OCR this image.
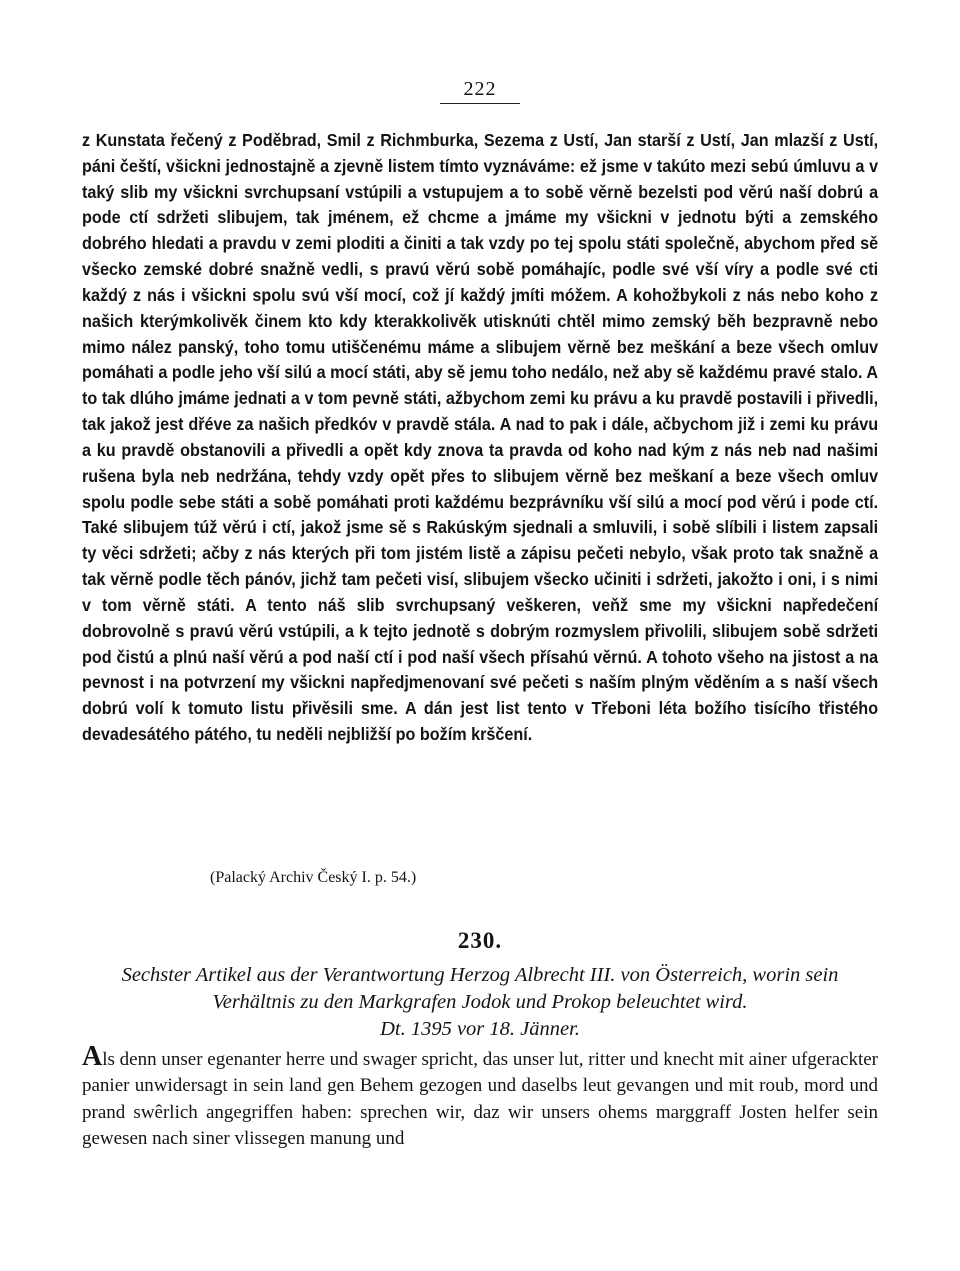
222
z Kunstata řečený z Poděbrad, Smil z Richmburka, Sezema z Ustí, Jan starší z Ustí, Jan mlazší z Ustí, páni čeští, všickni jednostajně a zjevně listem tímto vyznáváme: ež jsme v takúto mezi sebú úmluvu a v taký slib my všickni svrchupsaní vstúpili a vstupujem a to sobě věrně bezelsti pod věrú naší dobrú a pode ctí sdržeti slibujem, tak jménem, ež chcme a jmáme my všickni v jednotu býti a zemského dobrého hledati a pravdu v zemi ploditi a činiti a tak vzdy po tej spolu státi společně, abychom před sě všecko zemské dobré snažně vedli, s pravú věrú sobě pomáhajíc, podle své vší víry a podle své cti každý z nás i všickni spolu svú vší mocí, což jí každý jmíti móžem. A kohožbykoli z nás nebo koho z našich kterýmkolivěk činem kto kdy kterakkolivěk utisknúti chtěl mimo zemský běh bezpravně nebo mimo nález panský, toho tomu utiščenému máme a slibujem věrně bez meškání a beze všech omluv pomáhati a podle jeho vší silú a mocí státi, aby sě jemu toho nedálo, než aby sě každému pravé stalo. A to tak dlúho jmáme jednati a v tom pevně státi, ažbychom zemi ku právu a ku pravdě postavili i přivedli, tak jakož jest dřéve za našich předkóv v pravdě stála. A nad to pak i dále, ačbychom již i zemi ku právu a ku pravdě obstanovili a přivedli a opět kdy znova ta pravda od koho nad kým z nás neb nad našimi rušena byla neb nedržána, tehdy vzdy opět přes to slibujem věrně bez meškaní a beze všech omluv spolu podle sebe státi a sobě pomáhati proti každému bezprávníku vší silú a mocí pod věrú i pode ctí. Také slibujem túž věrú i ctí, jakož jsme sě s Rakúským sjednali a smluvili, i sobě slíbili i listem zapsali ty věci sdržeti; ačby z nás kterých při tom jistém listě a zápisu pečeti nebylo, však proto tak snažně a tak věrně podle těch pánóv, jichž tam pečeti visí, slibujem všecko učiniti i sdržeti, jakožto i oni, i s nimi v tom věrně státi. A tento náš slib svrchupsaný veškeren, veňž sme my všickni napředečení dobrovolně s pravú věrú vstúpili, a k tejto jednotě s dobrým rozmyslem přivolili, slibujem sobě sdržeti pod čistú a plnú naší věrú a pod naší ctí i pod naší všech přísahú věrnú. A tohoto všeho na jistost a na pevnost i na potvrzení my všickni napředjmenovaní své pečeti s naším plným věděním a s naší všech dobrú volí k tomuto listu přivěsili sme. A dán jest list tento v Třeboni léta božího tisícího třistého devadesátého pátého, tu neděli nejbližší po božím krščení.
(Palacký Archiv Český I. p. 54.)
230.
Sechster Artikel aus der Verantwortung Herzog Albrecht III. von Österreich, worin sein
Verhältnis zu den Markgrafen Jodok und Prokop beleuchtet wird.
Dt. 1395 vor 18. Jänner.
Als denn unser egenanter herre und swager spricht, das unser lut, ritter und knecht mit ainer ufgerackter panier unwidersagt in sein land gen Behem gezogen und daselbs leut gevangen und mit roub, mord und prand swêrlich angegriffen haben: sprechen wir, daz wir unsers ohems marggraff Josten helfer sein gewesen nach siner vlissegen manung und
